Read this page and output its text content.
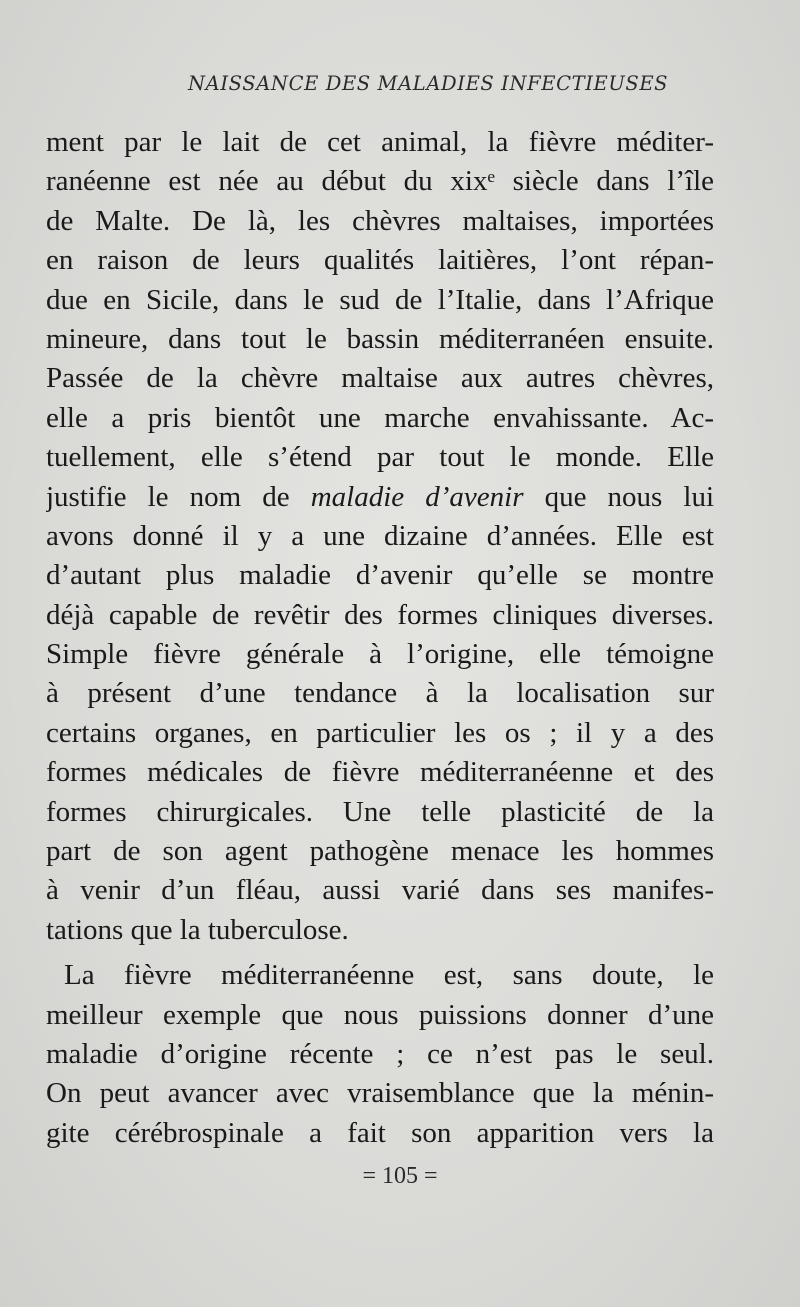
NAISSANCE DES MALADIES INFECTIEUSES
ment par le lait de cet animal, la fièvre méditer-
ranéenne est née au début du xixᵉ siècle dans l’île
de Malte. De là, les chèvres maltaises, importées
en raison de leurs qualités laitières, l’ont répan-
due en Sicile, dans le sud de l’Italie, dans l’Afrique
mineure, dans tout le bassin méditerranéen ensuite.
Passée de la chèvre maltaise aux autres chèvres,
elle a pris bientôt une marche envahissante. Ac-
tuellement, elle s’étend par tout le monde. Elle
justifie le nom de maladie d’avenir que nous lui
avons donné il y a une dizaine d’années. Elle est
d’autant plus maladie d’avenir qu’elle se montre
déjà capable de revêtir des formes cliniques diverses.
Simple fièvre générale à l’origine, elle témoigne
à présent d’une tendance à la localisation sur
certains organes, en particulier les os ; il y a des
formes médicales de fièvre méditerranéenne et des
formes chirurgicales. Une telle plasticité de la
part de son agent pathogène menace les hommes
à venir d’un fléau, aussi varié dans ses manifes-
tations que la tuberculose.
La fièvre méditerranéenne est, sans doute, le
meilleur exemple que nous puissions donner d’une
maladie d’origine récente ; ce n’est pas le seul.
On peut avancer avec vraisemblance que la ménin-
gite cérébrospinale a fait son apparition vers la
= 105 =
